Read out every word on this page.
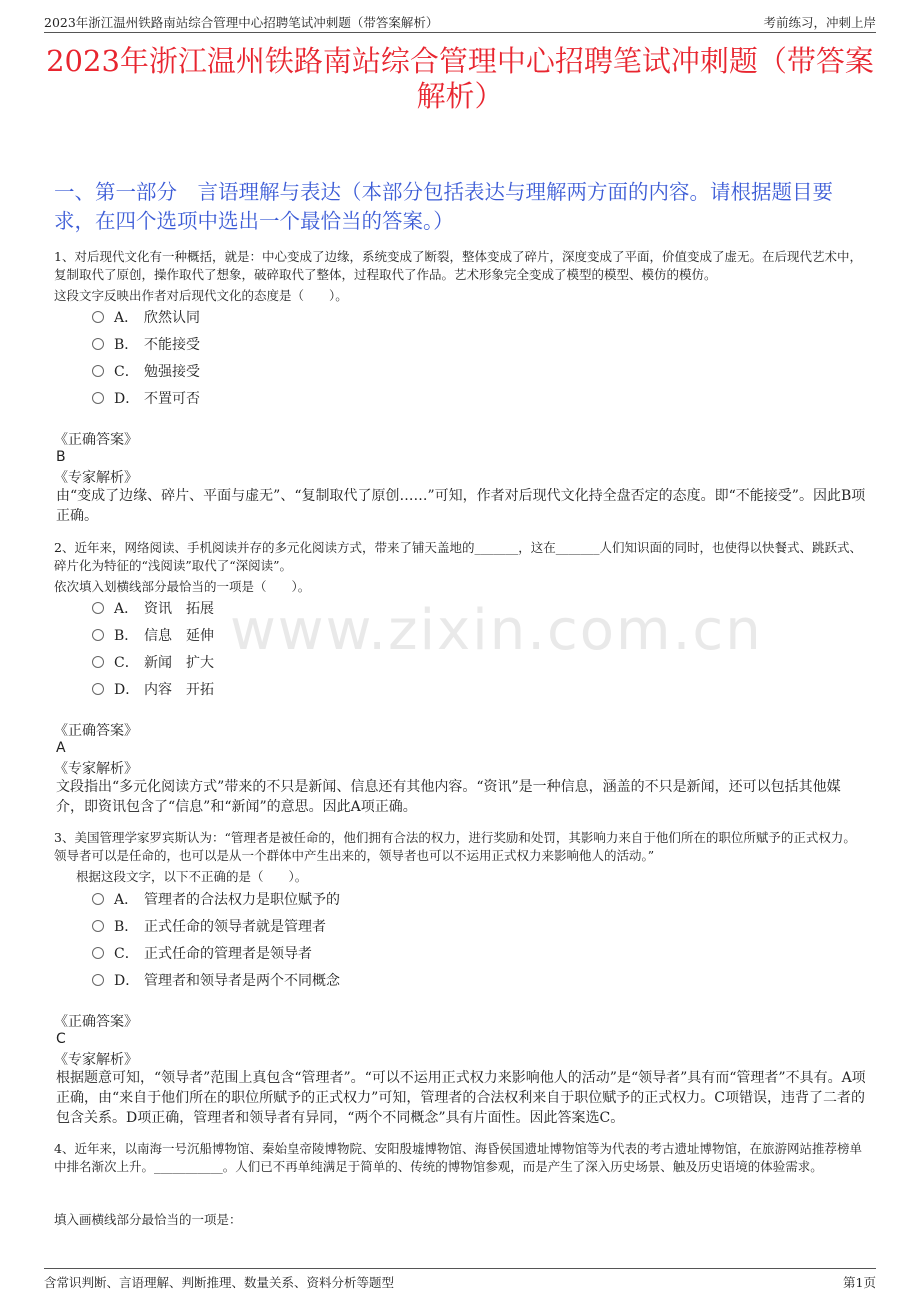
2023年浙江温州铁路南站综合管理中心招聘笔试冲刺题（带答案解析）	考前练习，冲刺上岸
2023年浙江温州铁路南站综合管理中心招聘笔试冲刺题（带答案解析）
一、第一部分　言语理解与表达（本部分包括表达与理解两方面的内容。请根据题目要求，在四个选项中选出一个最恰当的答案。）
www.zixin.com.cn
1、对后现代文化有一种概括，就是：中心变成了边缘，系统变成了断裂，整体变成了碎片，深度变成了平面，价值变成了虚无。在后现代艺术中，复制取代了原创，操作取代了想象，破碎取代了整体，过程取代了作品。艺术形象完全变成了模型的模型、模仿的模仿。
这段文字反映出作者对后现代文化的态度是（　　）。
A． 欣然认同
B． 不能接受
C． 勉强接受
D． 不置可否
《正确答案》
B
《专家解析》
由“变成了边缘、碎片、平面与虚无”、“复制取代了原创……”可知，作者对后现代文化持全盘否定的态度。即“不能接受”。因此B项正确。
2、近年来，网络阅读、手机阅读并存的多元化阅读方式，带来了铺天盖地的_______，这在_______人们知识面的同时，也使得以快餐式、跳跃式、碎片化为特征的“浅阅读”取代了“深阅读”。
依次填入划横线部分最恰当的一项是（　　）。
A． 资讯　拓展
B． 信息　延伸
C． 新闻　扩大
D． 内容　开拓
《正确答案》
A
《专家解析》
文段指出“多元化阅读方式”带来的不只是新闻、信息还有其他内容。“资讯”是一种信息，涵盖的不只是新闻，还可以包括其他媒介，即资讯包含了“信息”和“新闻”的意思。因此A项正确。
3、美国管理学家罗宾斯认为：“管理者是被任命的，他们拥有合法的权力，进行奖励和处罚，其影响力来自于他们所在的职位所赋予的正式权力。领导者可以是任命的，也可以是从一个群体中产生出来的，领导者也可以不运用正式权力来影响他人的活动。”
根据这段文字，以下不正确的是（　　）。
A． 管理者的合法权力是职位赋予的
B． 正式任命的领导者就是管理者
C． 正式任命的管理者是领导者
D． 管理者和领导者是两个不同概念
《正确答案》
C
《专家解析》
根据题意可知，“领导者”范围上真包含“管理者”。“可以不运用正式权力来影响他人的活动”是“领导者”具有而“管理者”不具有。A项正确，由“来自于他们所在的职位所赋予的正式权力”可知，管理者的合法权利来自于职位赋予的正式权力。C项错误，违背了二者的包含关系。D项正确，管理者和领导者有异同，“两个不同概念”具有片面性。因此答案选C。
4、近年来，以南海一号沉船博物馆、秦始皇帝陵博物院、安阳殷墟博物馆、海昏侯国遗址博物馆等为代表的考古遗址博物馆，在旅游网站推荐榜单中排名渐次上升。___________。人们已不再单纯满足于简单的、传统的博物馆参观，而是产生了深入历史场景、触及历史语境的体验需求。
填入画横线部分最恰当的一项是：
含常识判断、言语理解、判断推理、数量关系、资料分析等题型	第1页
